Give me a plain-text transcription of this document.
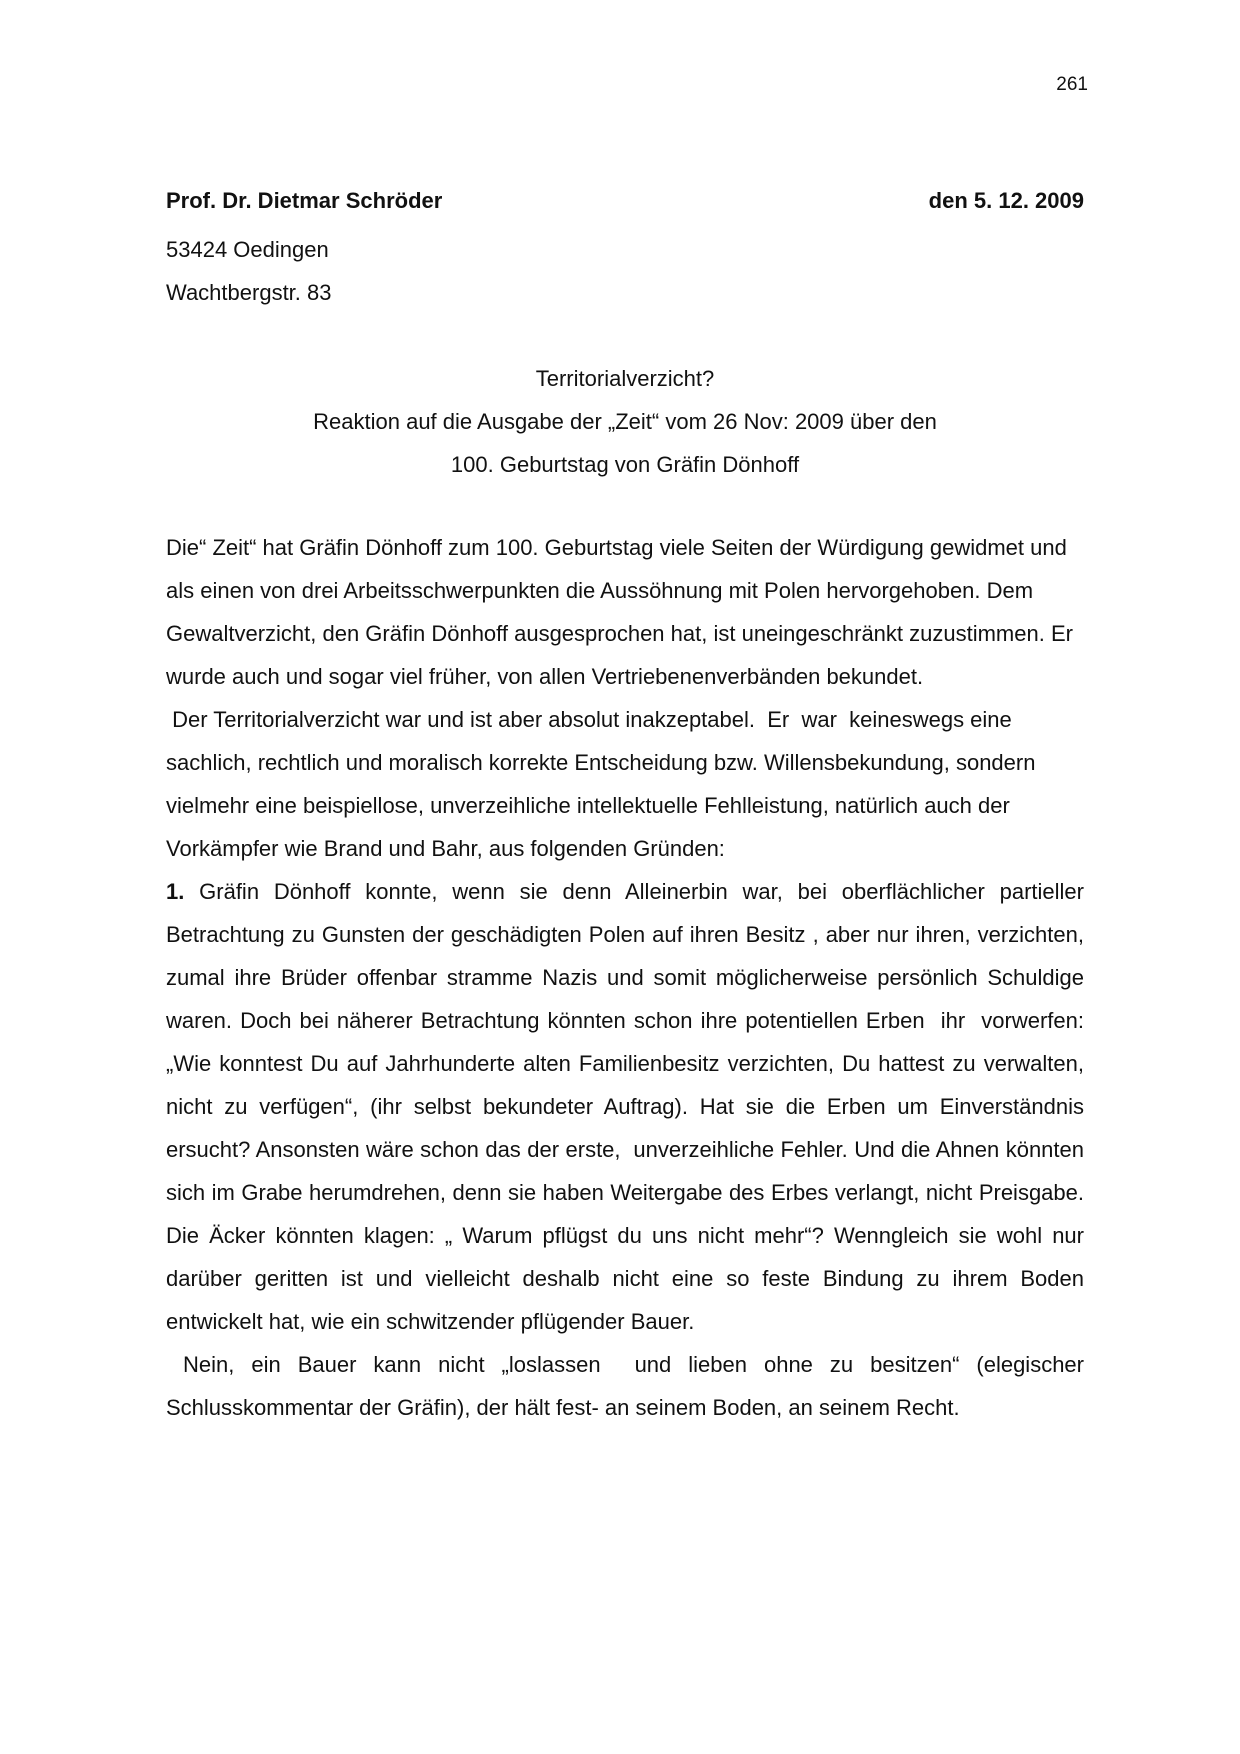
261
Prof. Dr. Dietmar Schröder	den 5. 12. 2009
53424 Oedingen
Wachtbergstr. 83
Territorialverzicht?
Reaktion auf die Ausgabe der „Zeit“ vom 26 Nov: 2009 über den
100. Geburtstag von Gräfin Dönhoff

Die“ Zeit“ hat Gräfin Dönhoff zum 100. Geburtstag viele Seiten der Würdigung gewidmet und als einen von drei Arbeitsschwerpunkten die Aussöhnung mit Polen hervorgehoben. Dem Gewaltverzicht, den Gräfin Dönhoff ausgesprochen hat, ist uneingeschränkt zuzustimmen. Er wurde auch und sogar viel früher, von allen Vertriebenenverbänden bekundet.

Der Territorialverzicht war und ist aber absolut inakzeptabel.  Er  war  keineswegs eine sachlich, rechtlich und moralisch korrekte Entscheidung bzw. Willensbekundung, sondern vielmehr eine beispiellose, unverzeihliche intellektuelle Fehlleistung, natürlich auch der Vorkämpfer wie Brand und Bahr, aus folgenden Gründen:

1. Gräfin Dönhoff konnte, wenn sie denn Alleinerbin war, bei oberflächlicher partieller Betrachtung zu Gunsten der geschädigten Polen auf ihren Besitz , aber nur ihren, verzichten, zumal ihre Brüder offenbar stramme Nazis und somit möglicherweise persönlich Schuldige waren. Doch bei näherer Betrachtung könnten schon ihre potentiellen Erben  ihr  vorwerfen: „Wie konntest Du auf Jahrhunderte alten Familienbesitz verzichten, Du hattest zu verwalten, nicht zu verfügen“, (ihr selbst bekundeter Auftrag). Hat sie die Erben um Einverständnis ersucht? Ansonsten wäre schon das der erste,  unverzeihliche Fehler. Und die Ahnen könnten sich im Grabe herumdrehen, denn sie haben Weitergabe des Erbes verlangt, nicht Preisgabe. Die Äcker könnten klagen: „ Warum pflügst du uns nicht mehr“? Wenngleich sie wohl nur darüber geritten ist und vielleicht deshalb nicht eine so feste Bindung zu ihrem Boden entwickelt hat, wie ein schwitzender pflügender Bauer.

Nein, ein Bauer kann nicht „loslassen  und lieben ohne zu besitzen“ (elegischer Schlusskommentar der Gräfin), der hält fest- an seinem Boden, an seinem Recht.
